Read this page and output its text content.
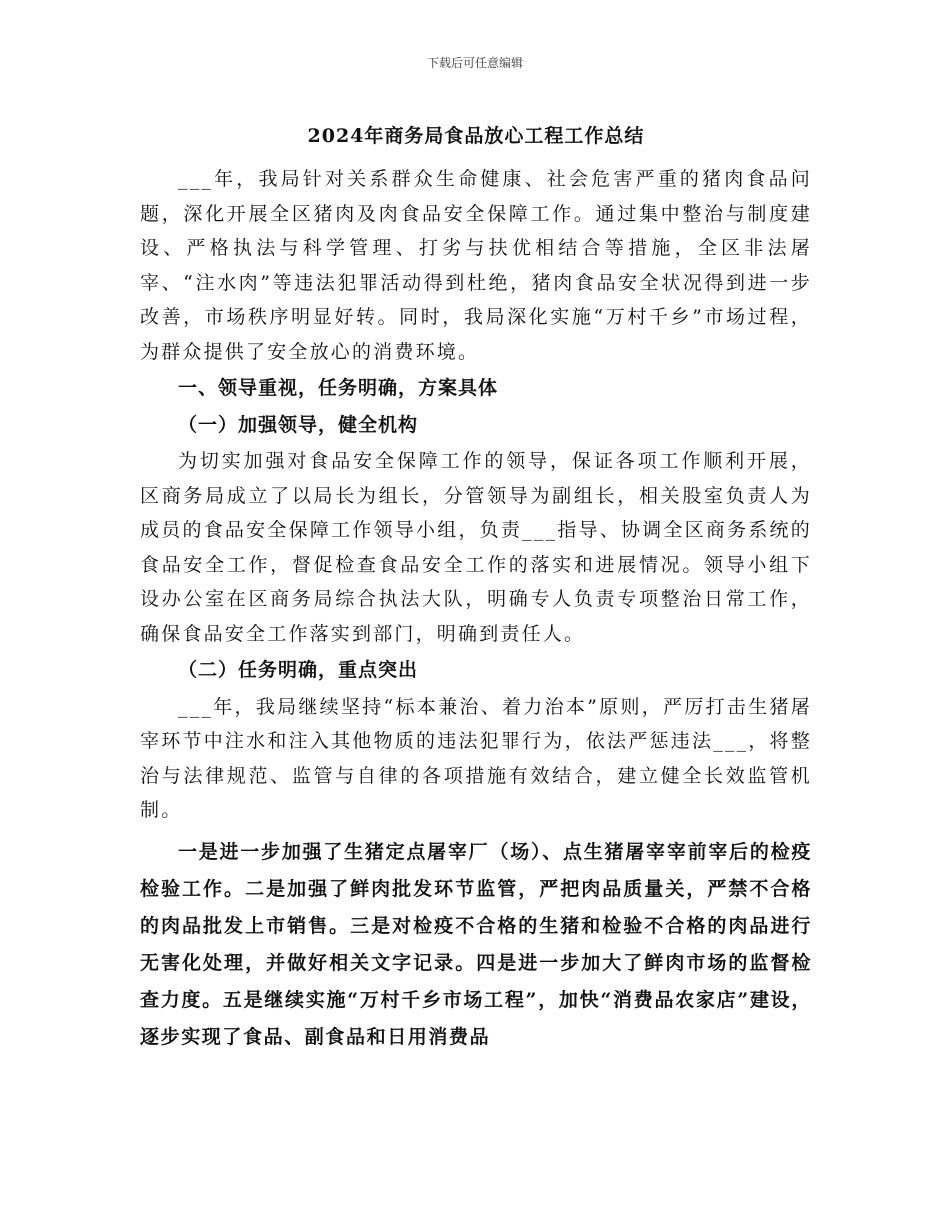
下载后可任意编辑
2024年商务局食品放心工程工作总结

___年，我局针对关系群众生命健康、社会危害严重的猪肉食品问题，深化开展全区猪肉及肉食品安全保障工作。通过集中整治与制度建设、严格执法与科学管理、打劣与扶优相结合等措施，全区非法屠宰、“注水肉”等违法犯罪活动得到杜绝，猪肉食品安全状况得到进一步改善，市场秩序明显好转。同时，我局深化实施“万村千乡”市场过程，为群众提供了安全放心的消费环境。

一、领导重视，任务明确，方案具体
（一）加强领导，健全机构

为切实加强对食品安全保障工作的领导，保证各项工作顺利开展，区商务局成立了以局长为组长，分管领导为副组长，相关股室负责人为成员的食品安全保障工作领导小组，负责___指导、协调全区商务系统的食品安全工作，督促检查食品安全工作的落实和进展情况。领导小组下设办公室在区商务局综合执法大队，明确专人负责专项整治日常工作，确保食品安全工作落实到部门，明确到责任人。

（二）任务明确，重点突出

___年，我局继续坚持“标本兼治、着力治本”原则，严厉打击生猪屠宰环节中注水和注入其他物质的违法犯罪行为，依法严惩违法___，将整治与法律规范、监管与自律的各项措施有效结合，建立健全长效监管机制。

一是进一步加强了生猪定点屠宰厂（场）、点生猪屠宰宰前宰后的检疫检验工作。二是加强了鲜肉批发环节监管，严把肉品质量关，严禁不合格的肉品批发上市销售。三是对检疫不合格的生猪和检验不合格的肉品进行无害化处理，并做好相关文字记录。四是进一步加大了鲜肉市场的监督检查力度。五是继续实施“万村千乡市场工程”，加快“消费品农家店”建设，逐步实现了食品、副食品和日用消费品
